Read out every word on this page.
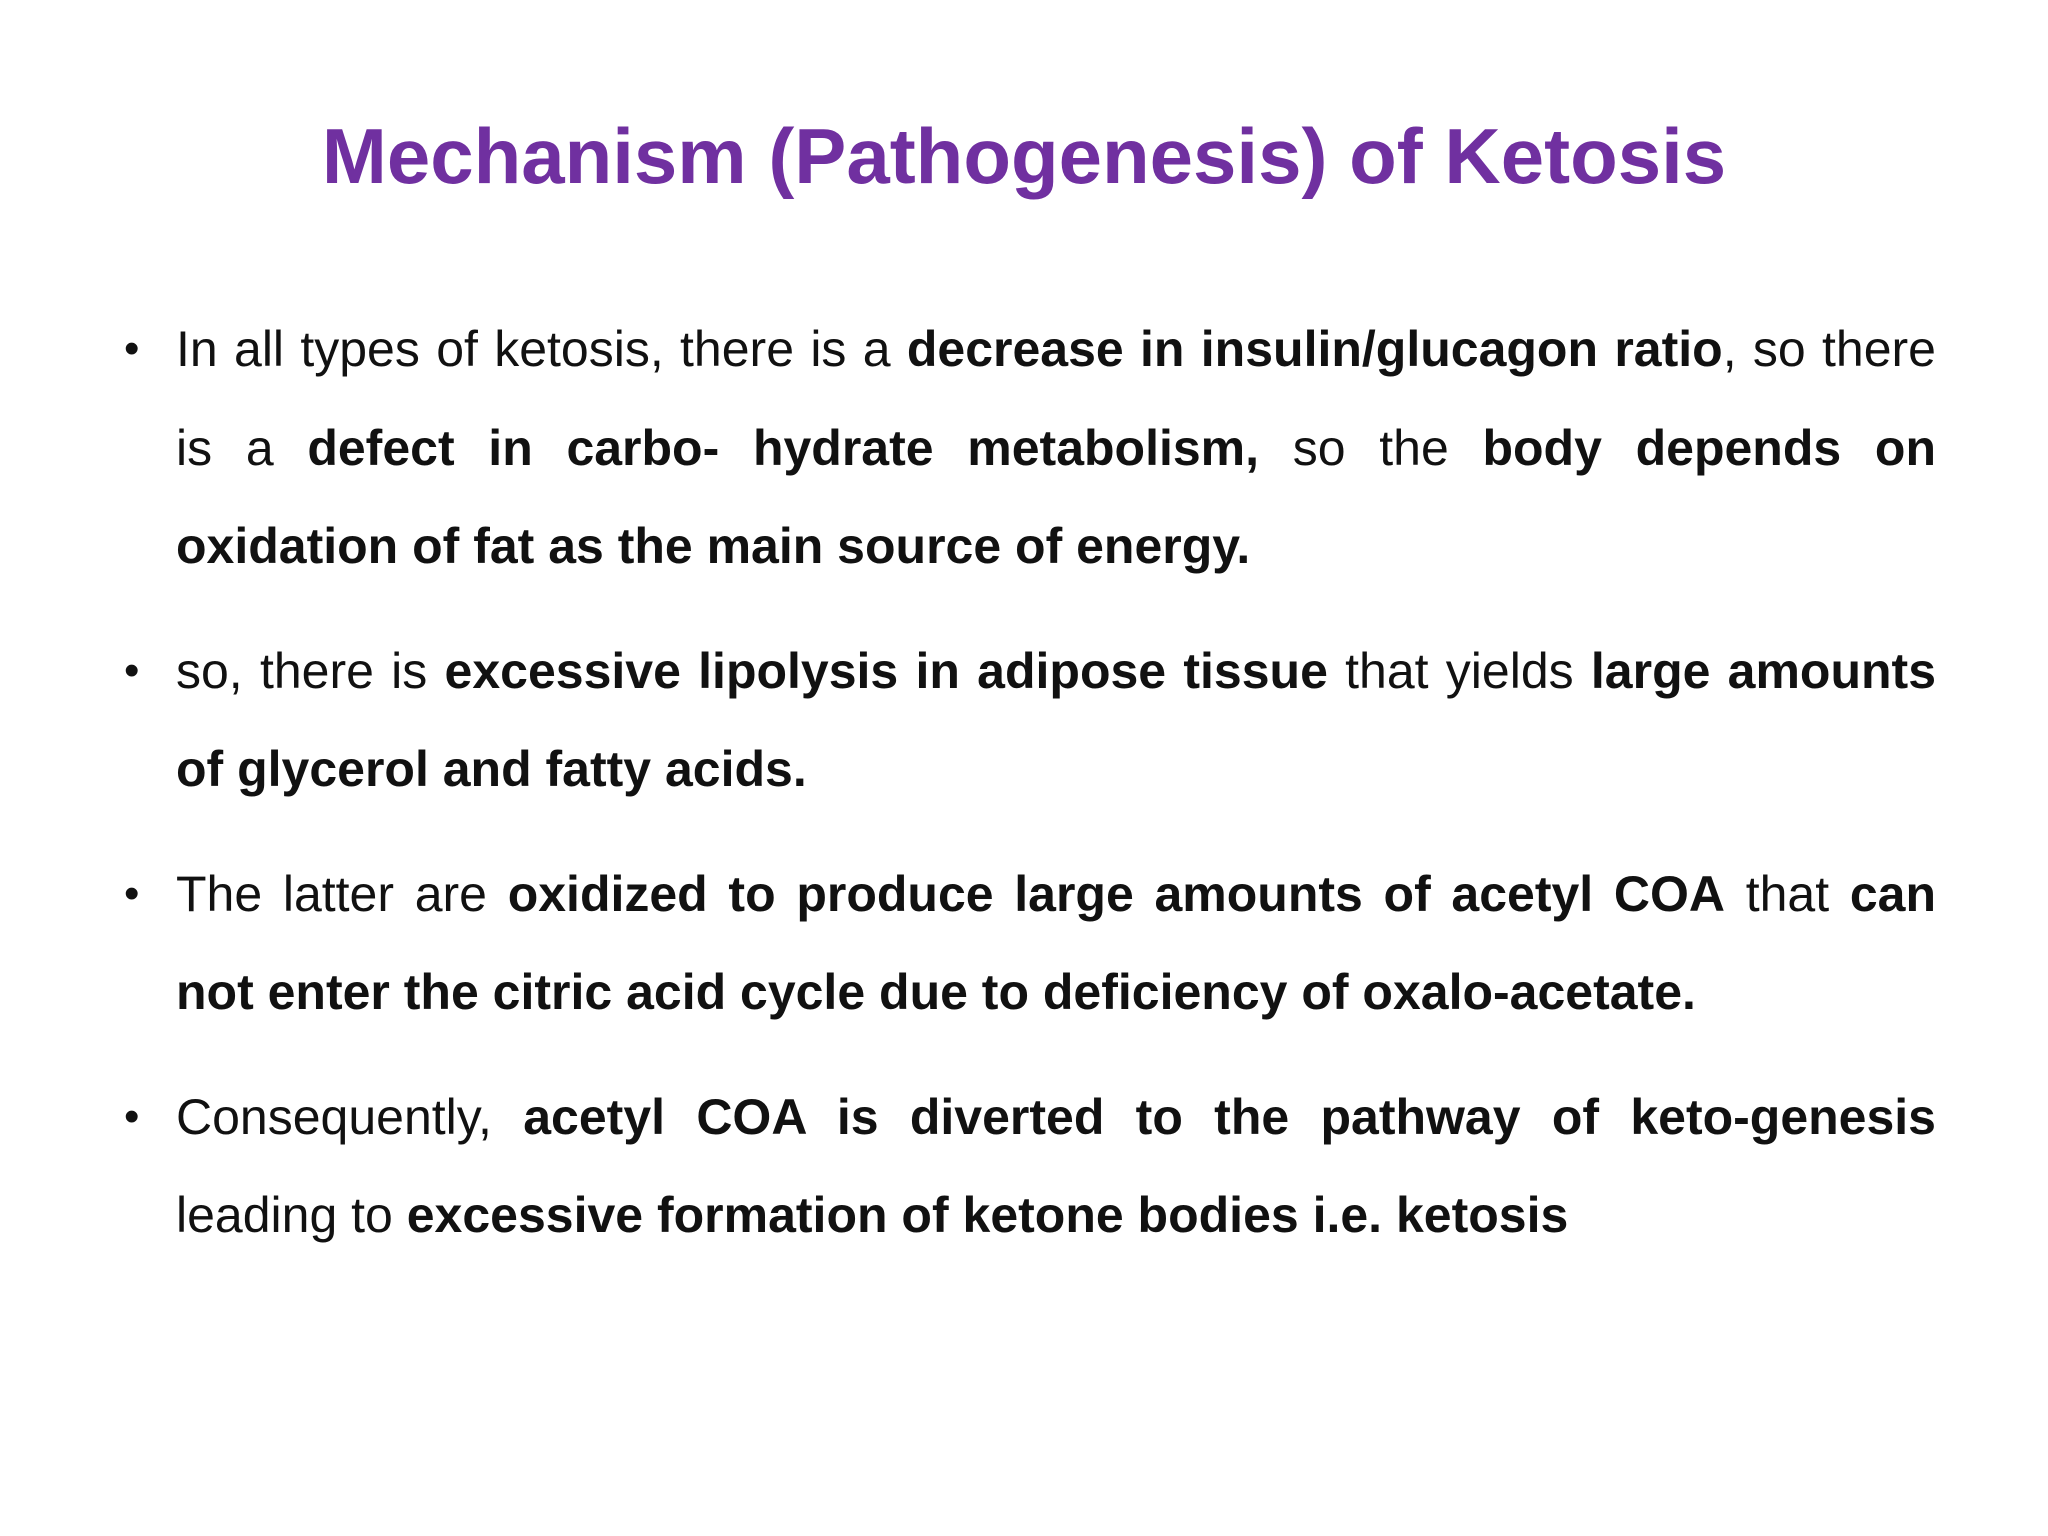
Mechanism (Pathogenesis) of Ketosis
• In all types of ketosis, there is a decrease in insulin/glucagon ratio, so there is a defect in carbo- hydrate metabolism, so the body depends on oxidation of fat as the main source of energy.
• so, there is excessive lipolysis in adipose tissue that yields large amounts of glycerol and fatty acids.
• The latter are oxidized to produce large amounts of acetyl COA that can not enter the citric acid cycle due to deficiency of oxalo-acetate.
• Consequently, acetyl COA is diverted to the pathway of keto-genesis leading to excessive formation of ketone bodies i.e. ketosis
